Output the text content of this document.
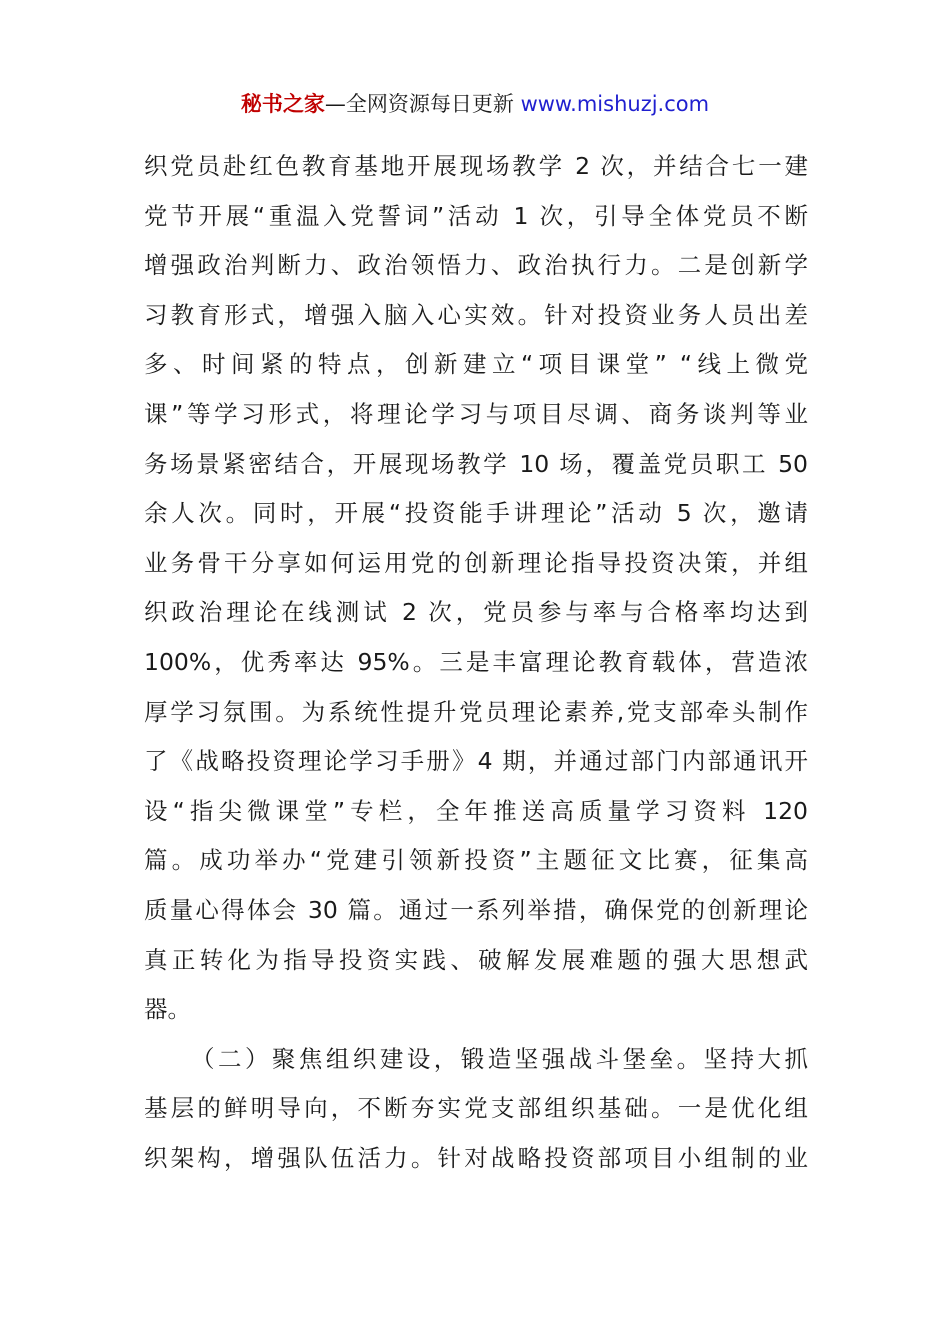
秘书之家—全网资源每日更新 www.mishuzj.com
织党员赴红色教育基地开展现场教学 2 次，并结合七一建
党节开展“重温入党誓词”活动 1 次，引导全体党员不断
增强政治判断力、政治领悟力、政治执行力。二是创新学
习教育形式，增强入脑入心实效。针对投资业务人员出差
多、时间紧的特点，创新建立“项目课堂” “线上微党
课”等学习形式，将理论学习与项目尽调、商务谈判等业
务场景紧密结合，开展现场教学 10 场，覆盖党员职工 50
余人次。同时，开展“投资能手讲理论”活动 5 次，邀请
业务骨干分享如何运用党的创新理论指导投资决策，并组
织政治理论在线测试 2 次，党员参与率与合格率均达到
100%，优秀率达 95%。三是丰富理论教育载体，营造浓
厚学习氛围。为系统性提升党员理论素养,党支部牵头制作
了《战略投资理论学习手册》4 期，并通过部门内部通讯开
设“指尖微课堂”专栏，全年推送高质量学习资料 120
篇。成功举办“党建引领新投资”主题征文比赛，征集高
质量心得体会 30 篇。通过一系列举措，确保党的创新理论
真正转化为指导投资实践、破解发展难题的强大思想武
器。
（二）聚焦组织建设，锻造坚强战斗堡垒。坚持大抓
基层的鲜明导向，不断夯实党支部组织基础。一是优化组
织架构，增强队伍活力。针对战略投资部项目小组制的业
